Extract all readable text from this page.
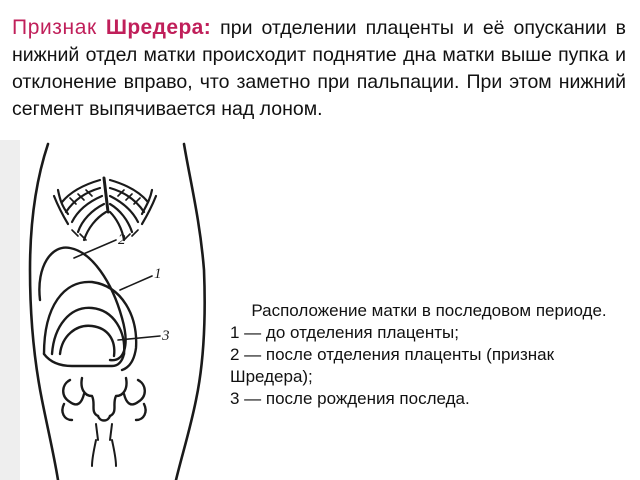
Признак Шредера: при отделении плаценты и её опускании в нижний отдел матки происходит поднятие дна матки выше пупка и отклонение вправо, что заметно при пальпации. При этом нижний сегмент выпячивается над лоном.

2
1
3
Расположение матки в последовом периоде.
1 — до отделения плаценты;
2 — после отделения плаценты (признак Шредера);
3 — после рождения последа.
